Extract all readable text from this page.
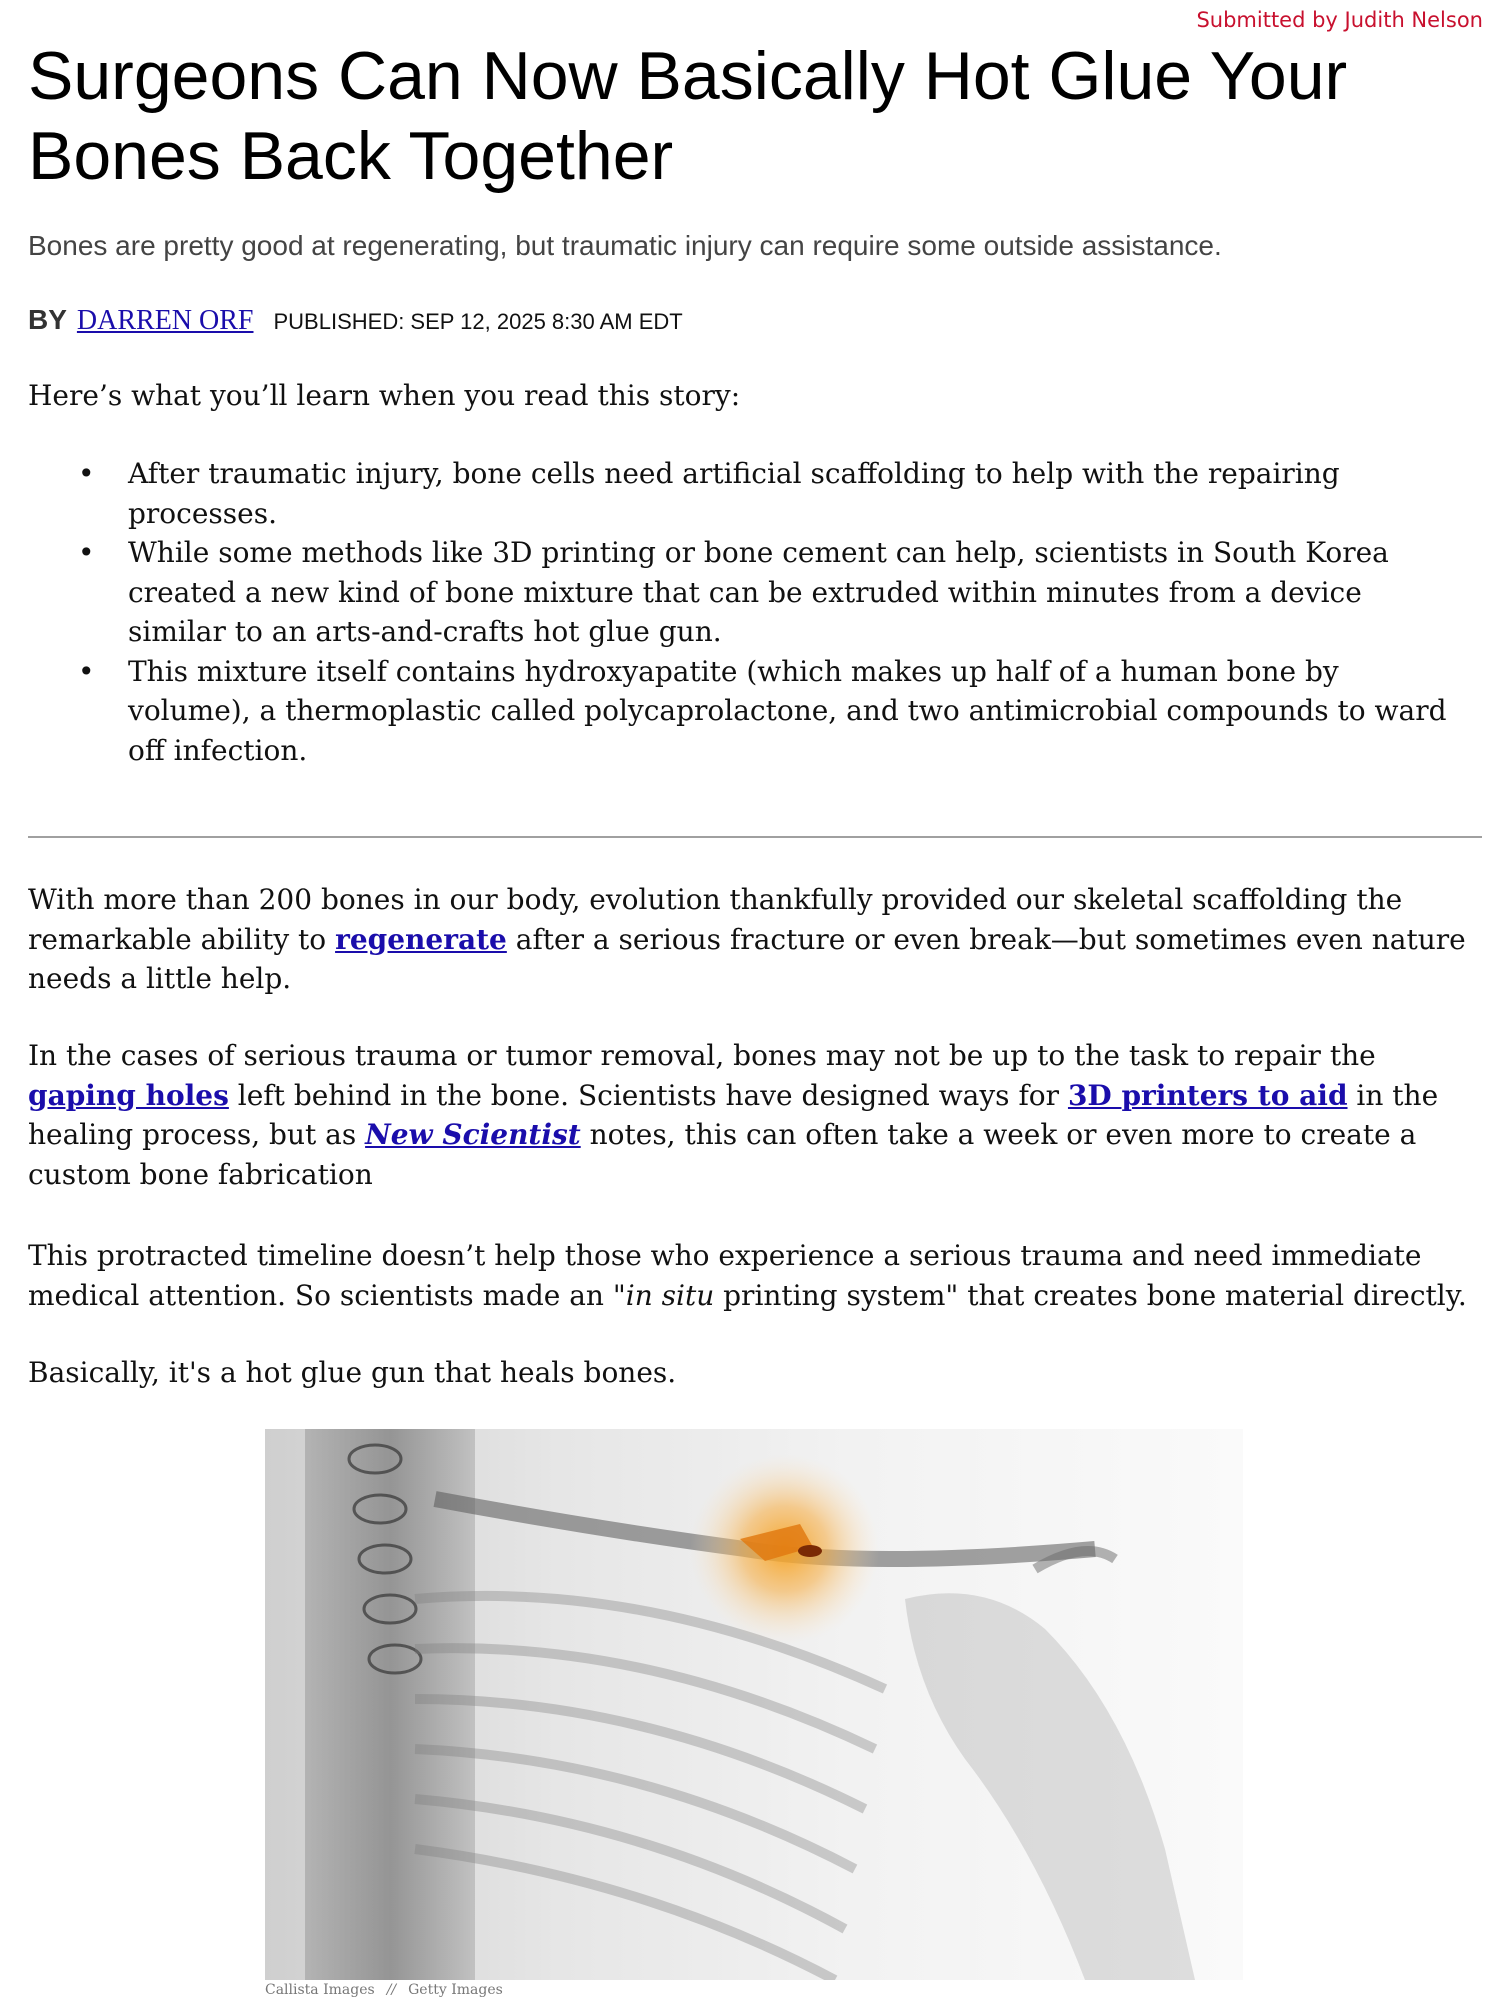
Submitted by Judith Nelson
Surgeons Can Now Basically Hot Glue Your Bones Back Together

Bones are pretty good at regenerating, but traumatic injury can require some outside assistance.

BY DARREN ORF PUBLISHED: SEP 12, 2025 8:30 AM EDT

Here’s what you’ll learn when you read this story:

• After traumatic injury, bone cells need artificial scaffolding to help with the repairing processes.
• While some methods like 3D printing or bone cement can help, scientists in South Korea created a new kind of bone mixture that can be extruded within minutes from a device similar to an arts-and-crafts hot glue gun.
• This mixture itself contains hydroxyapatite (which makes up half of a human bone by volume), a thermoplastic called polycaprolactone, and two antimicrobial compounds to ward off infection.

With more than 200 bones in our body, evolution thankfully provided our skeletal scaffolding the remarkable ability to regenerate after a serious fracture or even break—but sometimes even nature needs a little help.

In the cases of serious trauma or tumor removal, bones may not be up to the task to repair the gaping holes left behind in the bone. Scientists have designed ways for 3D printers to aid in the healing process, but as New Scientist notes, this can often take a week or even more to create a custom bone fabrication

This protracted timeline doesn’t help those who experience a serious trauma and need immediate medical attention. So scientists made an "in situ printing system" that creates bone material directly.

Basically, it's a hot glue gun that heals bones.

Callista Images // Getty Images
